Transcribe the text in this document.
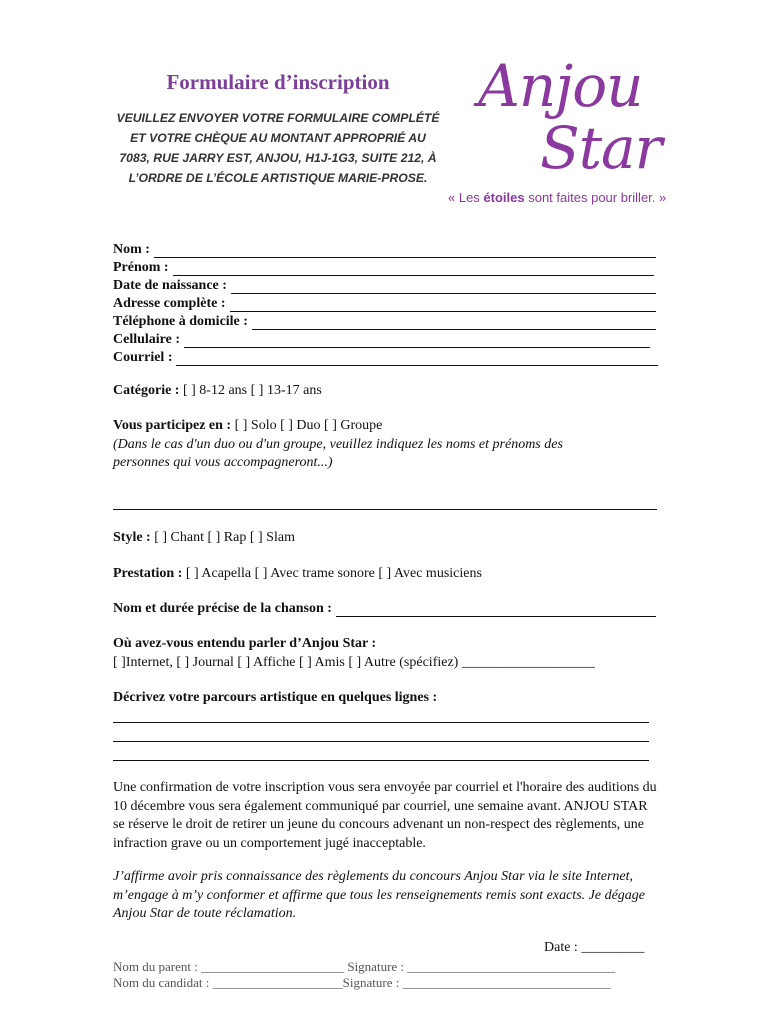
Formulaire d’inscription
VEUILLEZ ENVOYER VOTRE FORMULAIRE COMPLÉTÉ
ET VOTRE CHÈQUE AU MONTANT APPROPRIÉ AU
7083, RUE JARRY EST, ANJOU, H1J-1G3, SUITE 212, À
L’ORDRE DE L’ÉCOLE ARTISTIQUE MARIE-PROSE.
Anjou
Star
« Les étoiles sont faites pour briller. »
Nom :
Prénom :
Date de naissance :
Adresse complète :
Téléphone à domicile :
Cellulaire :
Courriel :
Catégorie : [ ] 8-12 ans [ ] 13-17 ans
Vous participez en : [ ] Solo [ ] Duo [ ] Groupe
(Dans le cas d'un duo ou d'un groupe, veuillez indiquez les noms et prénoms des
personnes qui vous accompagneront...)
Style : [ ] Chant [ ] Rap [ ] Slam
Prestation : [ ] Acapella [ ] Avec trame sonore [ ] Avec musiciens
Nom et durée précise de la chanson :
Où avez-vous entendu parler d’Anjou Star :
[ ]Internet, [ ] Journal [ ] Affiche [ ] Amis [ ] Autre (spécifiez) ___________________
Décrivez votre parcours artistique en quelques lignes :
Une confirmation de votre inscription vous sera envoyée par courriel et l'horaire des auditions du 10 décembre vous sera également communiqué par courriel, une semaine avant. ANJOU STAR se réserve le droit de retirer un jeune du concours advenant un non-respect des règlements, une infraction grave ou un comportement jugé inacceptable.
J’affirme avoir pris connaissance des règlements du concours Anjou Star via le site Internet, m’engage à m’y conformer et affirme que tous les renseignements remis sont exacts. Je dégage Anjou Star de toute réclamation.
Date : _________
Nom du parent : ______________________ Signature : ________________________________
Nom du candidat : ____________________Signature : ________________________________
